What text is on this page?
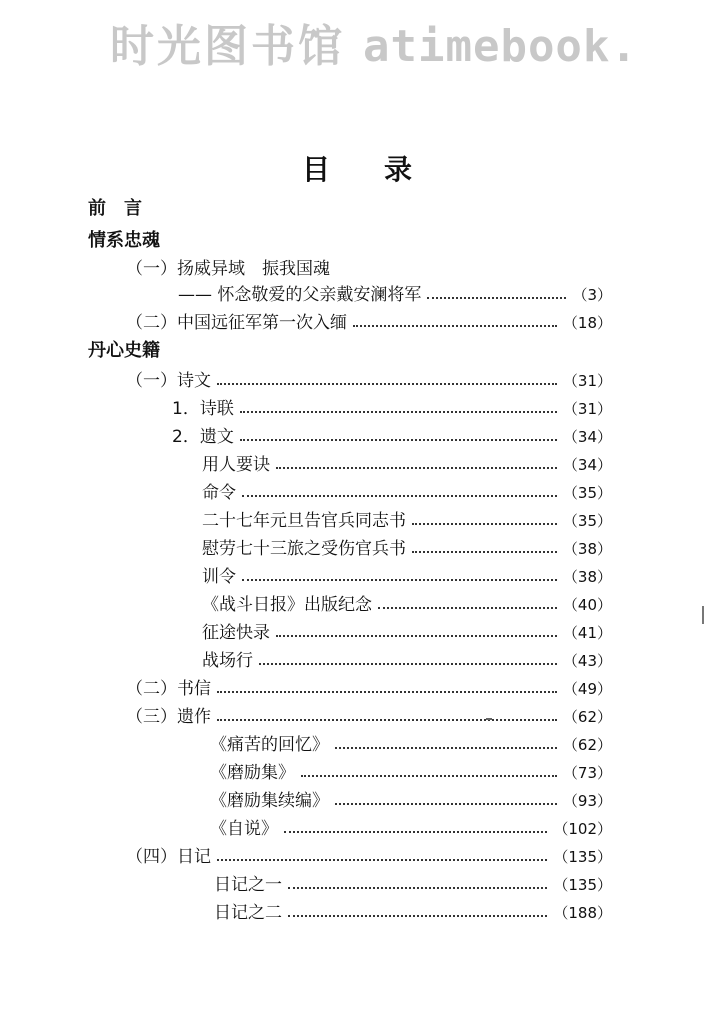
时光图书馆 atimebook.
目录
前　言
情系忠魂
（一）扬威异域　振我国魂
—— 怀念敬爱的父亲戴安澜将军	（3）
（二）中国远征军第一次入缅	（18）
丹心史籍
（一）诗文	（31）
1．诗联	（31）
2．遗文	（34）
用人要诀	（34）
命令	（35）
二十七年元旦告官兵同志书	（35）
慰劳七十三旅之受伤官兵书	（38）
训令	（38）
《战斗日报》出版纪念	（40）
征途快录	（41）
战场行	（43）
（二）书信	（49）
（三）遗作	（62）
《痛苦的回忆》	（62）
《磨励集》	（73）
《磨励集续编》	（93）
《自说》	（102）
（四）日记	（135）
日记之一	（135）
日记之二	（188）
